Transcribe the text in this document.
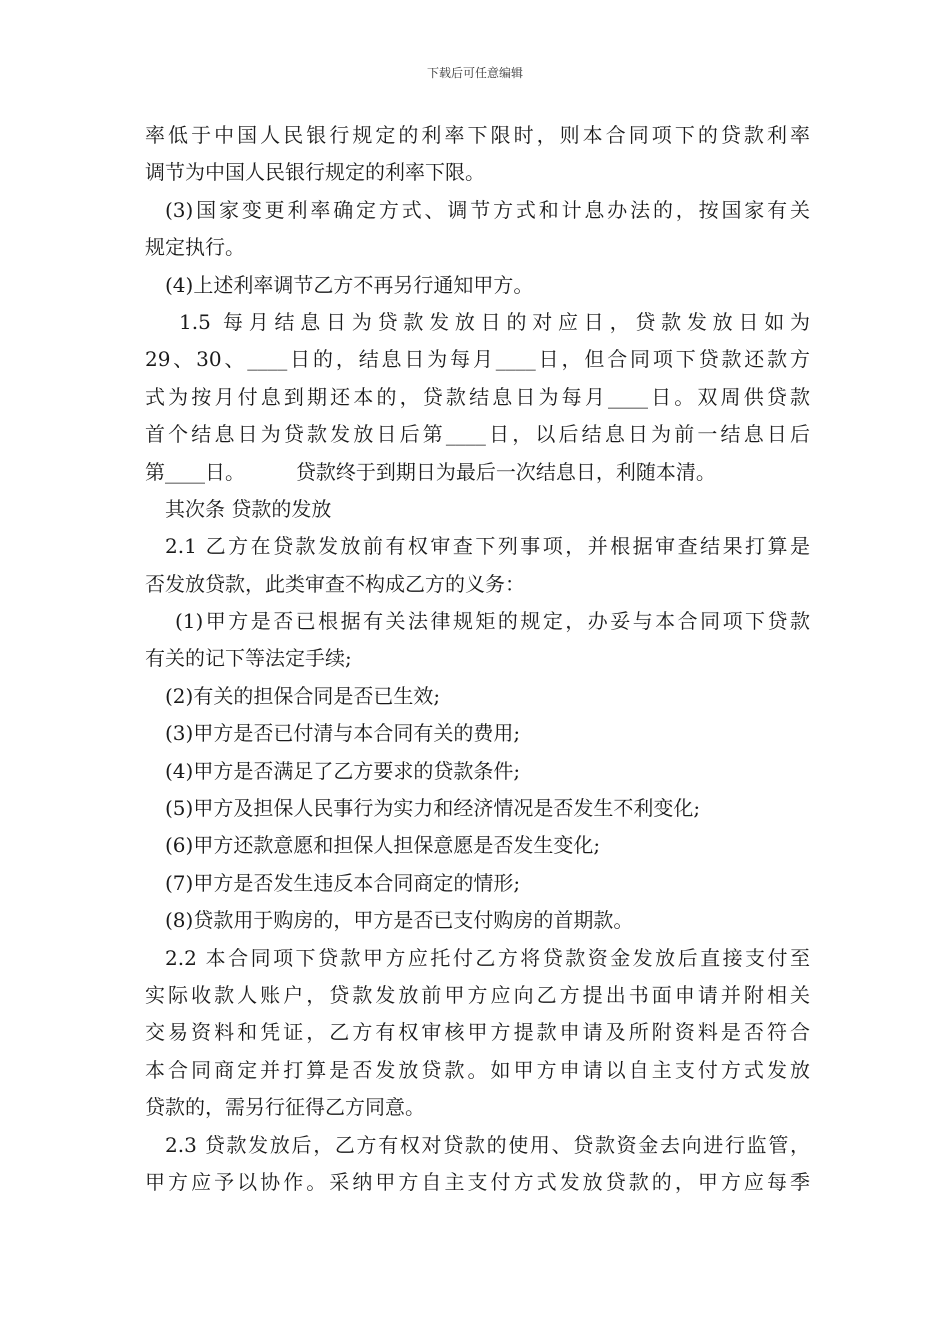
下载后可任意编辑
率低于中国人民银行规定的利率下限时，则本合同项下的贷款利率
调节为中国人民银行规定的利率下限。
(3)国家变更利率确定方式、调节方式和计息办法的，按国家有关
规定执行。
(4)上述利率调节乙方不再另行通知甲方。
1.5 每月结息日为贷款发放日的对应日，贷款发放日如为
29、30、____日的，结息日为每月____日，但合同项下贷款还款方
式为按月付息到期还本的，贷款结息日为每月____日。双周供贷款
首个结息日为贷款发放日后第____日，以后结息日为前一结息日后
第____日。        贷款终于到期日为最后一次结息日，利随本清。
其次条 贷款的发放
2.1 乙方在贷款发放前有权审查下列事项，并根据审查结果打算是
否发放贷款，此类审查不构成乙方的义务：
(1)甲方是否已根据有关法律规矩的规定，办妥与本合同项下贷款
有关的记下等法定手续;
(2)有关的担保合同是否已生效;
(3)甲方是否已付清与本合同有关的费用;
(4)甲方是否满足了乙方要求的贷款条件;
(5)甲方及担保人民事行为实力和经济情况是否发生不利变化;
(6)甲方还款意愿和担保人担保意愿是否发生变化;
(7)甲方是否发生违反本合同商定的情形;
(8)贷款用于购房的，甲方是否已支付购房的首期款。
2.2 本合同项下贷款甲方应托付乙方将贷款资金发放后直接支付至
实际收款人账户，贷款发放前甲方应向乙方提出书面申请并附相关
交易资料和凭证，乙方有权审核甲方提款申请及所附资料是否符合
本合同商定并打算是否发放贷款。如甲方申请以自主支付方式发放
贷款的，需另行征得乙方同意。
2.3 贷款发放后，乙方有权对贷款的使用、贷款资金去向进行监管，
甲方应予以协作。采纳甲方自主支付方式发放贷款的，甲方应每季
